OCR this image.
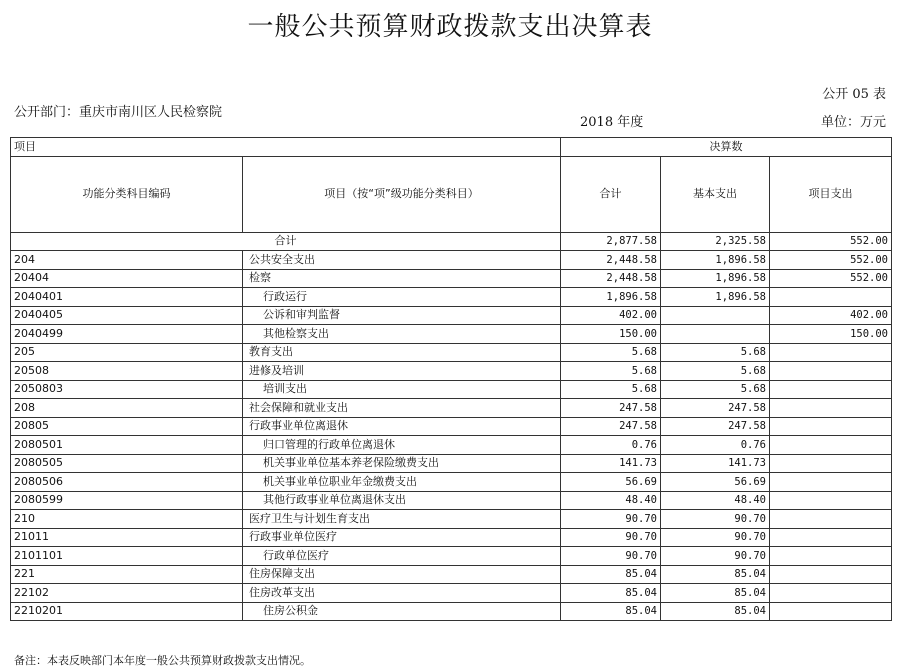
一般公共预算财政拨款支出决算表
公开 05 表
公开部门：重庆市南川区人民检察院
2018 年度	单位：万元
项目		决算数		
功能分类科目编码	项目（按“项”级功能分类科目）	合计	基本支出	项目支出
合计		2,877.58	2,325.58	552.00
204	公共安全支出	2,448.58	1,896.58	552.00
20404	检察	2,448.58	1,896.58	552.00
2040401	行政运行	1,896.58	1,896.58	
2040405	公诉和审判监督	402.00		402.00
2040499	其他检察支出	150.00		150.00
205	教育支出	5.68	5.68	
20508	进修及培训	5.68	5.68	
2050803	培训支出	5.68	5.68	
208	社会保障和就业支出	247.58	247.58	
20805	行政事业单位离退休	247.58	247.58	
2080501	归口管理的行政单位离退休	0.76	0.76	
2080505	机关事业单位基本养老保险缴费支出	141.73	141.73	
2080506	机关事业单位职业年金缴费支出	56.69	56.69	
2080599	其他行政事业单位离退休支出	48.40	48.40	
210	医疗卫生与计划生育支出	90.70	90.70	
21011	行政事业单位医疗	90.70	90.70	
2101101	行政单位医疗	90.70	90.70	
221	住房保障支出	85.04	85.04	
22102	住房改革支出	85.04	85.04	
2210201	住房公积金	85.04	85.04	
备注：本表反映部门本年度一般公共预算财政拨款支出情况。
